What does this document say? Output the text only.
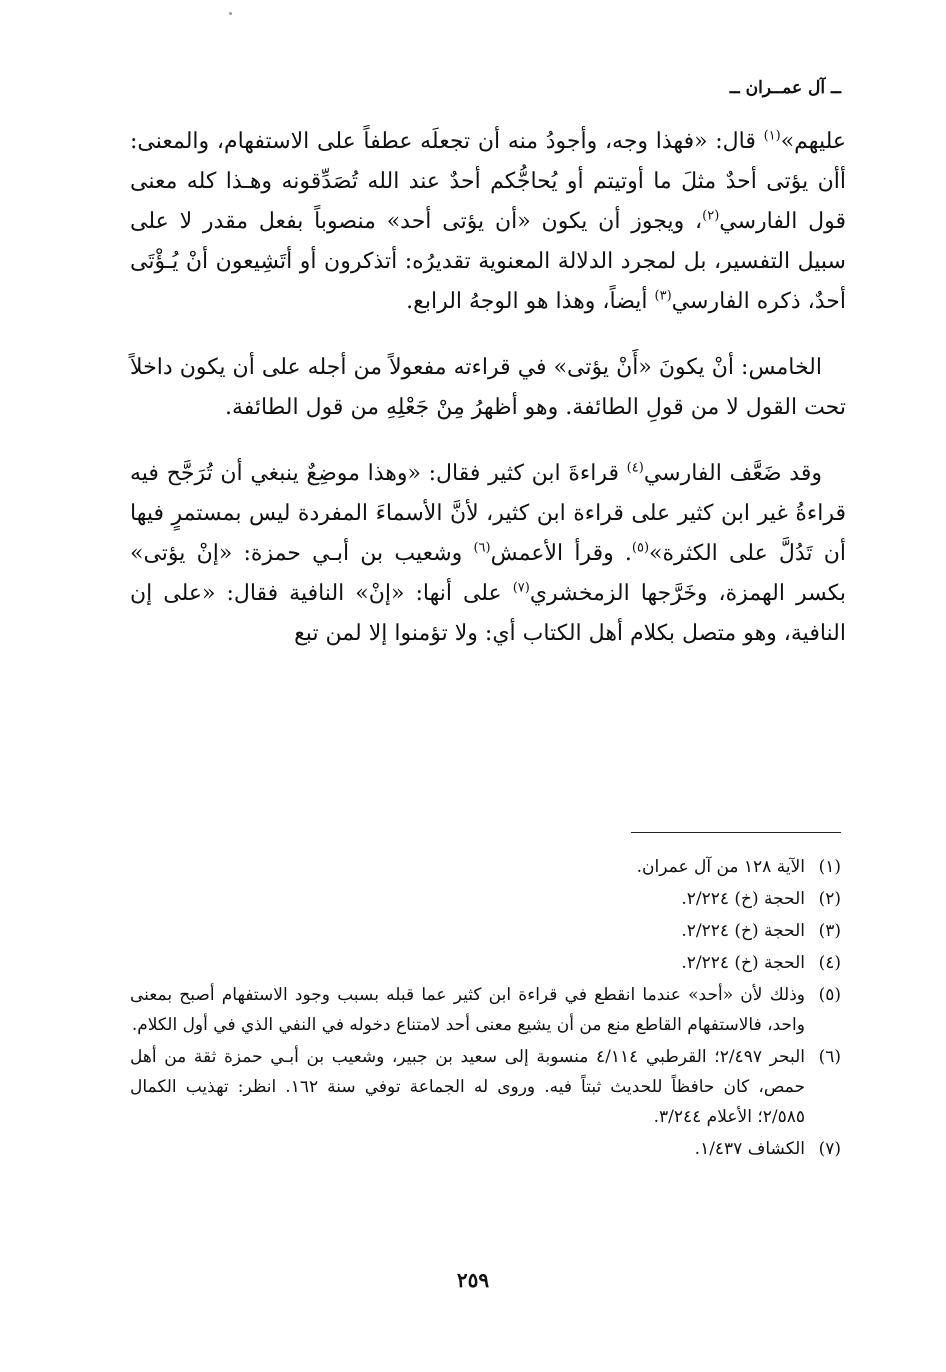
ــ آل عمــران ــ

عليهم»$^{(١)}$ قال: «فهذا وجه، وأجودُ منه أن تجعلَه عطفاً على الاستفهام، والمعنى: أأن يؤتى أحدٌ مثلَ ما أوتيتم أو يُحاجُّكم أحدٌ عند الله تُصَدِّقونه وهـذا كله معنى قول الفارسي$^{(٢)}$، ويجوز أن يكون «أن يؤتى أحد» منصوباً بفعل مقدر لا على سبيل التفسير، بل لمجرد الدلالة المعنوية تقديرُه: أتذكرون أو أتَشِيعون أنْ يُـؤْتَى أحدٌ، ذكره الفارسي$^{(٣)}$ أيضاً، وهذا هو الوجهُ الرابع.

الخامس: أنْ يكونَ «أَنْ يؤتى» في قراءته مفعولاً من أجله على أن يكون داخلاً تحت القول لا من قولِ الطائفة. وهو أظهرُ مِنْ جَعْلِهِ من قول الطائفة.

وقد ضَعَّف الفارسي$^{(٤)}$ قراءةَ ابن كثير فقال: «وهذا موضِعٌ ينبغي أن تُرَجَّح فيه قراءةُ غير ابن كثير على قراءة ابن كثير، لأنَّ الأسماءَ المفردة ليس بمستمرٍ فيها أن تَدُلَّ على الكثرة»$^{(٥)}$. وقرأ الأعمش$^{(٦)}$ وشعيب بن أبـي حمزة: «إنْ يؤتى» بكسر الهمزة، وخَرَّجها الزمخشري$^{(٧)}$ على أنها: «إنْ» النافية فقال: «على إن النافية، وهو متصل بكلام أهل الكتاب أي: ولا تؤمنوا إلا لمن تبع

(١)
الآية ١٢٨ من آل عمران.
(٢)
الحجة (خ) ٢/٢٢٤.
(٣)
الحجة (خ) ٢/٢٢٤.
(٤)
الحجة (خ) ٢/٢٢٤.
(٥)
وذلك لأن «أحد» عندما انقطع في قراءة ابن كثير عما قبله بسبب وجود الاستفهام أصبح بمعنى واحد، فالاستفهام القاطع منع من أن يشيع معنى أحد لامتناع دخوله في النفي الذي في أول الكلام.
(٦)
البحر ٢/٤٩٧؛ القرطبي ٤/١١٤ منسوبة إلى سعيد بن جبير، وشعيب بن أبـي حمزة ثقة من أهل حمص، كان حافظاً للحديث ثبتاً فيه. وروى له الجماعة توفي سنة ١٦٢. انظر: تهذيب الكمال ٢/٥٨٥؛ الأعلام ٣/٢٤٤.
(٧)
الكشاف ١/٤٣٧.
٢٥٩
